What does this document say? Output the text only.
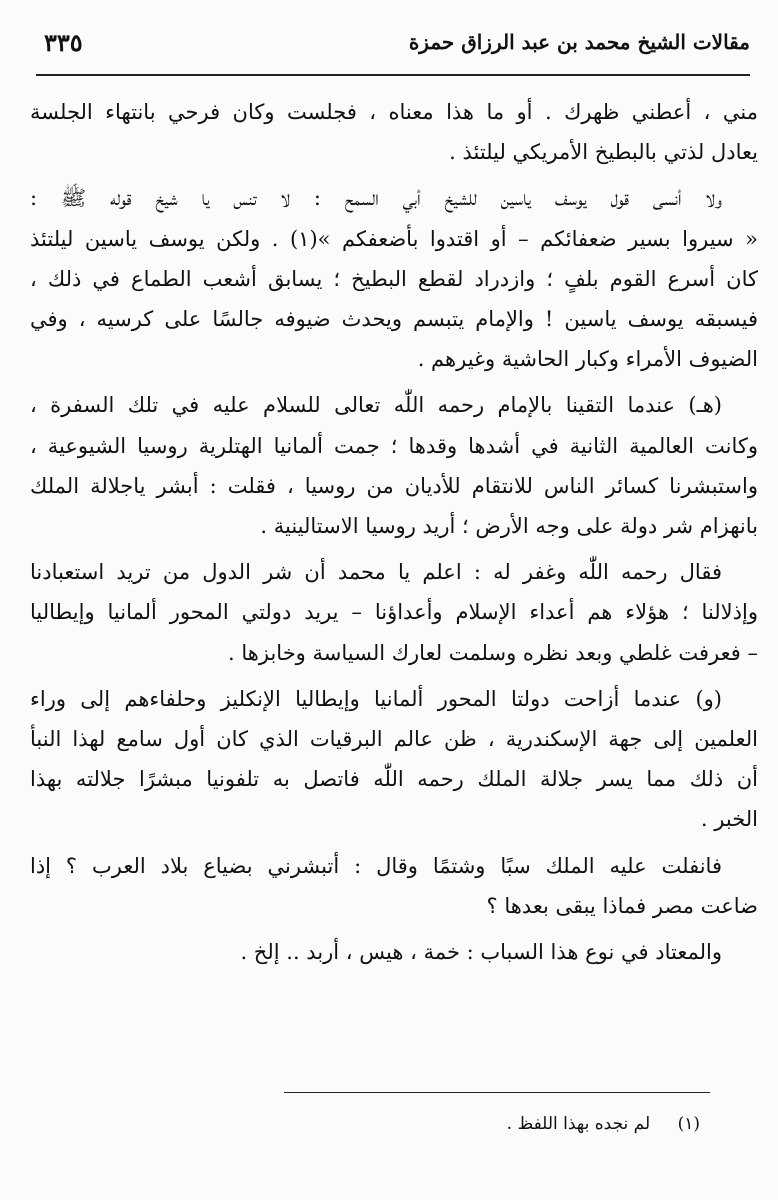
مقالات الشيخ محمد بن عبد الرزاق حمزة
٣٣٥
مني ، أعطني ظهرك . أو ما هذا معناه ، فجلست وكان فرحي بانتهاء الجلسة
يعادل لذتي بالبطيخ الأمريكي ليلتئذ .
ولا أنسى قول يوسف ياسين للشيخ أبي السمح : لا تنس يا شيخ قوله ﷺ :
« سيروا بسير ضعفائكم – أو اقتدوا بأضعفكم »(١) . ولكن يوسف ياسين ليلتئذ
كان أسرع القوم بلفٍ ؛ وازدراد لقطع البطيخ ؛ يسابق أشعب الطماع في ذلك ،
فيسبقه يوسف ياسين ! والإمام يتبسم ويحدث ضيوفه جالسًا على كرسيه ، وفي
الضيوف الأمراء وكبار الحاشية وغيرهم .
(هـ) عندما التقينا بالإمام رحمه اللّٰه تعالى للسلام عليه في تلك السفرة ،
وكانت العالمية الثانية في أشدها وقدها ؛ جمت ألمانيا الهتلرية روسيا الشيوعية ،
واستبشرنا كسائر الناس للانتقام للأديان من روسيا ، فقلت : أبشر ياجلالة الملك
بانهزام شر دولة على وجه الأرض ؛ أريد روسيا الاستالينية .
فقال رحمه اللّٰه وغفر له : اعلم يا محمد أن شر الدول من تريد استعبادنا
وإذلالنا ؛ هؤلاء هم أعداء الإسلام وأعداؤنا – يريد دولتي المحور ألمانيا وإيطاليا
– فعرفت غلطي وبعد نظره وسلمت لعارك السياسة وخابزها .
(و) عندما أزاحت دولتا المحور ألمانيا وإيطاليا الإنكليز وحلفاءهم إلى وراء
العلمين إلى جهة الإسكندرية ، ظن عالم البرقيات الذي كان أول سامع لهذا النبأ
أن ذلك مما يسر جلالة الملك رحمه اللّٰه فاتصل به تلفونيا مبشرًا جلالته بهذا
الخبر .
فانفلت عليه الملك سبًا وشتمًا وقال : أتبشرني بضياع بلاد العرب ؟ إذا
ضاعت مصر فماذا يبقى بعدها ؟
والمعتاد في نوع هذا السباب : خمة ، هيس ، أربد .. إلخ .
(١) لم نجده بهذا اللفظ .
